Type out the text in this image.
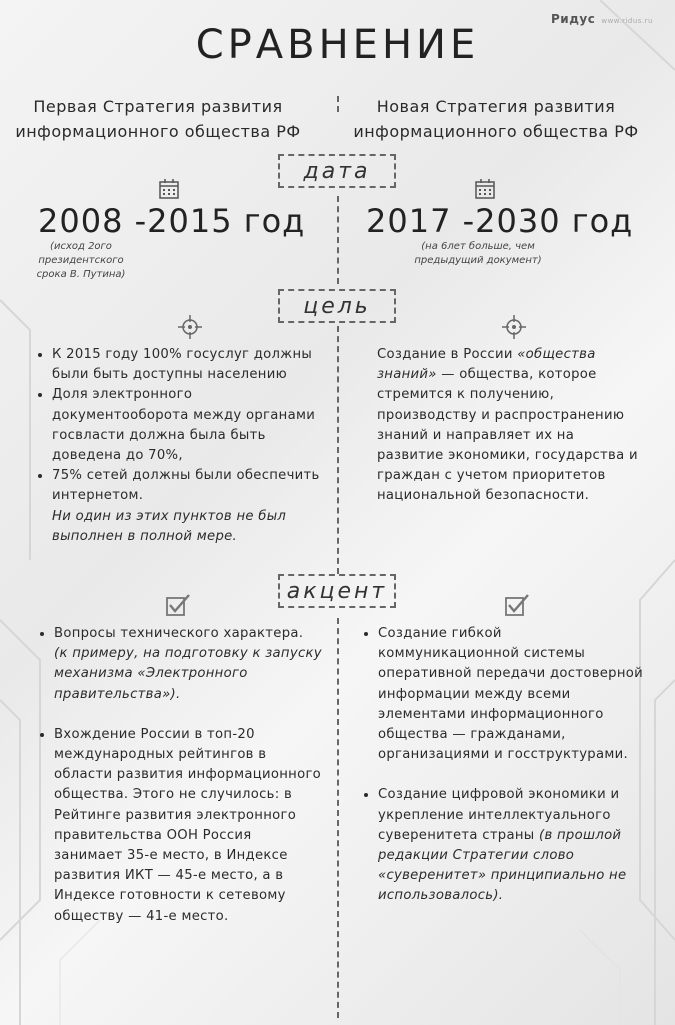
Ридус www.ridus.ru
СРАВНЕНИЕ
Первая Стратегия развития информационного общества РФ
Новая Стратегия развития информационного общества РФ
дата
цель
акцент
2008 -2015 год 2017 -2030 год
(исход 2ого президентского срока В. Путина)
(на 6лет больше, чем предыдущий документ)
• К 2015 году 100% госуслуг должны были быть доступны населению
• Доля электронного документооборота между органами госвласти должна была быть доведена до 70%,
• 75% сетей должны были обеспечить интернетом.
Ни один из этих пунктов не был выполнен в полной мере.
Создание в России «общества знаний» — общества, которое стремится к получению, производству и распространению знаний и направляет их на развитие экономики, государства и граждан с учетом приоритетов национальной безопасности.
• Вопросы технического характера.
(к примеру, на подготовку к запуску механизма «Электронного правительства»).
• Вхождение России в топ-20 международных рейтингов в области развития информационного общества. Этого не случилось: в Рейтинге развития электронного правительства ООН Россия занимает 35-е место, в Индексе развития ИКТ — 45-е место, а в Индексе готовности к сетевому обществу — 41-е место.
• Создание гибкой коммуникационной системы оперативной передачи достоверной информации между всеми элементами информационного общества — гражданами, организациями и госструктурами.
• Создание цифровой экономики и укрепление интеллектуального суверенитета страны (в прошлой редакции Стратегии слово «суверенитет» принципиально не использовалось).
